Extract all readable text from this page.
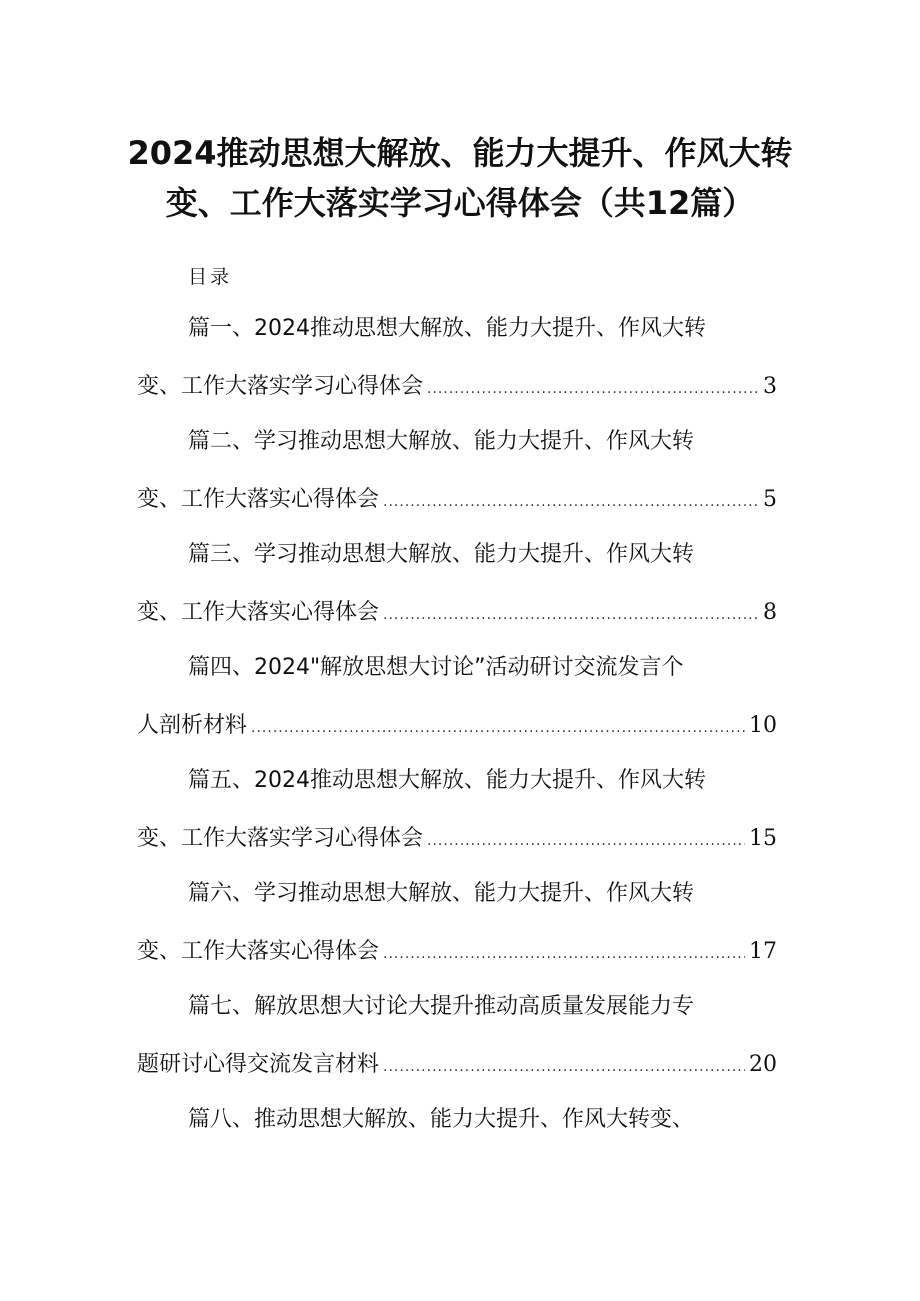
2024推动思想大解放、能力大提升、作风大转
变、工作大落实学习心得体会（共12篇）
目录
篇一、2024推动思想大解放、能力大提升、作风大转
变、工作大落实学习心得体会 .....	3
篇二、学习推动思想大解放、能力大提升、作风大转
变、工作大落实心得体会 .....	5
篇三、学习推动思想大解放、能力大提升、作风大转
变、工作大落实心得体会 .....	8
篇四、2024"解放思想大讨论”活动研讨交流发言个
人剖析材料 .....	10
篇五、2024推动思想大解放、能力大提升、作风大转
变、工作大落实学习心得体会 .....	15
篇六、学习推动思想大解放、能力大提升、作风大转
变、工作大落实心得体会 .....	17
篇七、解放思想大讨论大提升推动高质量发展能力专
题研讨心得交流发言材料 .....	20
篇八、推动思想大解放、能力大提升、作风大转变、
